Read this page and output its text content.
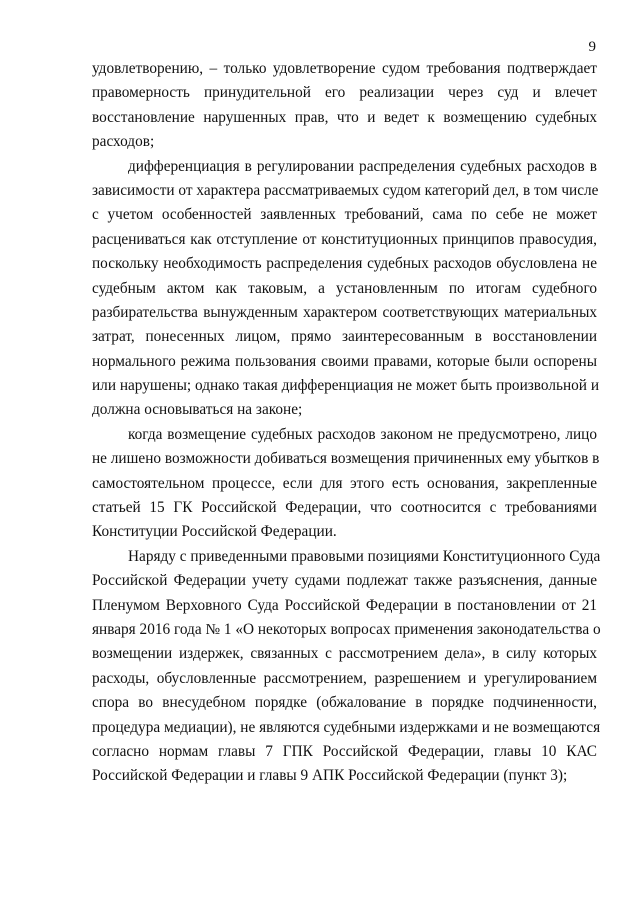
9
удовлетворению, – только удовлетворение судом требования подтверждает
правомерность принудительной его реализации через суд и влечет
восстановление нарушенных прав, что и ведет к возмещению судебных
расходов;
дифференциация в регулировании распределения судебных расходов в
зависимости от характера рассматриваемых судом категорий дел, в том числе
с учетом особенностей заявленных требований, сама по себе не может
расцениваться как отступление от конституционных принципов правосудия,
поскольку необходимость распределения судебных расходов обусловлена не
судебным актом как таковым, а установленным по итогам судебного
разбирательства вынужденным характером соответствующих материальных
затрат, понесенных лицом, прямо заинтересованным в восстановлении
нормального режима пользования своими правами, которые были оспорены
или нарушены; однако такая дифференциация не может быть произвольной и
должна основываться на законе;
когда возмещение судебных расходов законом не предусмотрено, лицо
не лишено возможности добиваться возмещения причиненных ему убытков в
самостоятельном процессе, если для этого есть основания, закрепленные
статьей 15 ГК Российской Федерации, что соотносится с требованиями
Конституции Российской Федерации.
Наряду с приведенными правовыми позициями Конституционного Суда
Российской Федерации учету судами подлежат также разъяснения, данные
Пленумом Верховного Суда Российской Федерации в постановлении от 21
января 2016 года № 1 «О некоторых вопросах применения законодательства о
возмещении издержек, связанных с рассмотрением дела», в силу которых
расходы, обусловленные рассмотрением, разрешением и урегулированием
спора во внесудебном порядке (обжалование в порядке подчиненности,
процедура медиации), не являются судебными издержками и не возмещаются
согласно нормам главы 7 ГПК Российской Федерации, главы 10 КАС
Российской Федерации и главы 9 АПК Российской Федерации (пункт 3);
